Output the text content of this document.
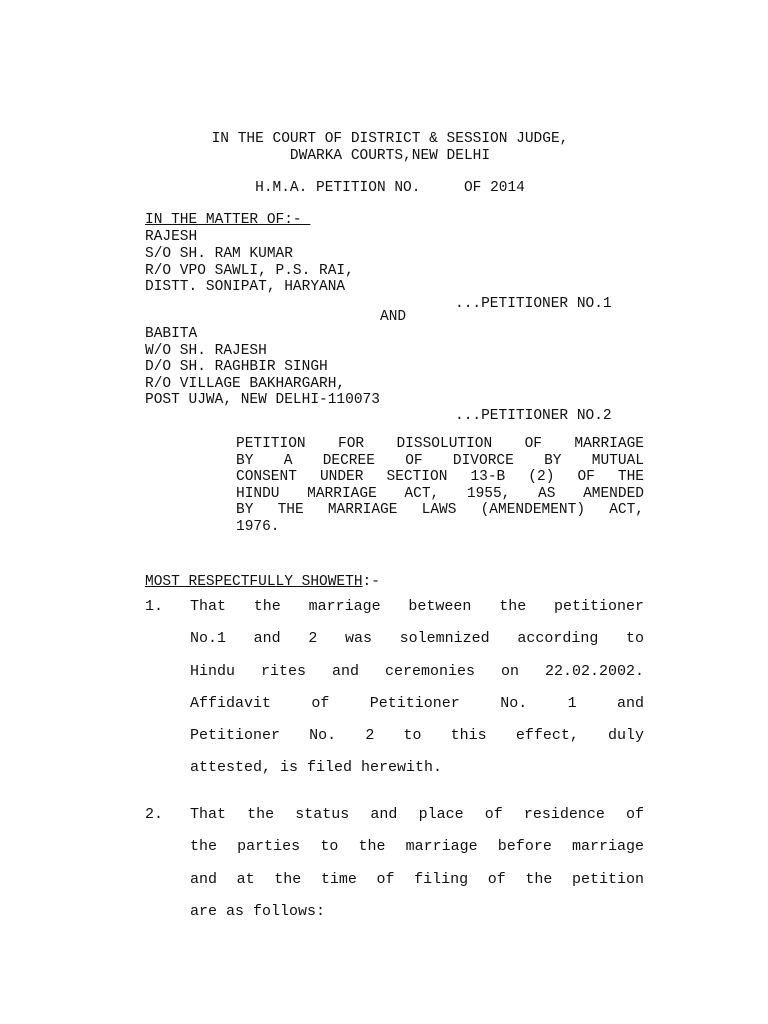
IN THE COURT OF DISTRICT & SESSION JUDGE,
DWARKA COURTS,NEW DELHI
H.M.A. PETITION NO.     OF 2014
IN THE MATTER OF:-
RAJESH
S/O SH. RAM KUMAR
R/O VPO SAWLI, P.S. RAI,
DISTT. SONIPAT, HARYANA
...PETITIONER NO.1
AND
BABITA
W/O SH. RAJESH
D/O SH. RAGHBIR SINGH
R/O VILLAGE BAKHARGARH,
POST UJWA, NEW DELHI-110073
...PETITIONER NO.2
PETITION FOR DISSOLUTION OF MARRIAGE
BY A DECREE OF DIVORCE BY MUTUAL
CONSENT UNDER SECTION 13-B (2) OF THE
HINDU MARRIAGE ACT, 1955, AS AMENDED
BY THE MARRIAGE LAWS (AMENDEMENT) ACT,
1976.
MOST RESPECTFULLY SHOWETH:-
1. That the marriage between the petitioner
No.1 and 2 was solemnized according to
Hindu rites and ceremonies on 22.02.2002.
Affidavit of Petitioner No. 1 and
Petitioner No. 2 to this effect, duly
attested, is filed herewith.
2. That the status and place of residence of
the parties to the marriage before marriage
and at the time of filing of the petition
are as follows:
